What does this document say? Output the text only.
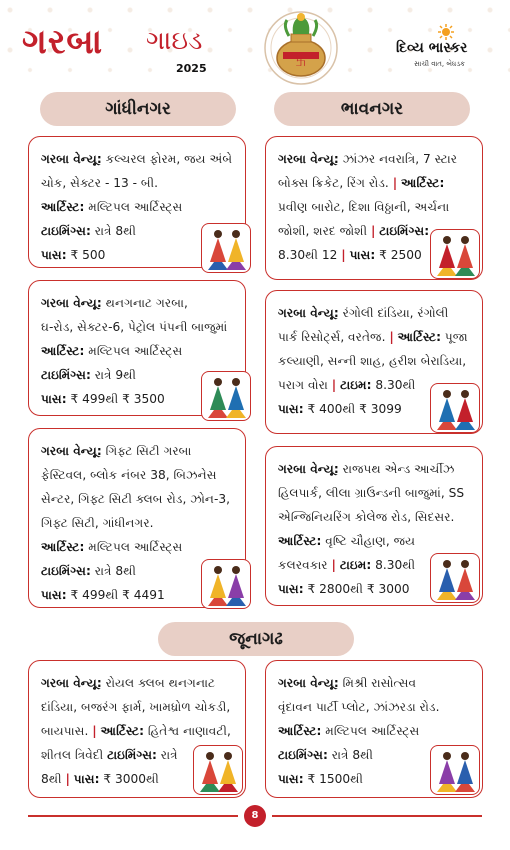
ગરબા ગાઇડ
2025
卐
દિવ્ય ભાસ્કર
સાચી વાત, બેધડક
ગાંધીનગર	ભાવનગર
જૂનાગઢ
ગરબા વેન્યૂ: કલ્ચરલ ફોરમ, જય અંબે
ચોક, સેક્ટર - 13 - બી.
આર્ટિસ્ટ: મલ્ટિપલ આર્ટિસ્ટ્સ
ટાઇમિંગ્સ: રાત્રે 8થી
પાસ: ₹ 500
ગરબા વેન્યૂ: થનગનાટ ગરબા,
ઘ-રોડ, સેક્ટર-6, પેટ્રોલ પંપની બાજુમાં
આર્ટિસ્ટ: મલ્ટિપલ આર્ટિસ્ટ્સ
ટાઇમિંગ્સ: રાત્રે 9થી
પાસ: ₹ 499થી ₹ 3500
ગરબા વેન્યૂ: ગિફ્ટ સિટી ગરબા
ફેસ્ટિવલ, બ્લોક નંબર 38, બિઝનેસ
સેન્ટર, ગિફ્ટ સિટી ક્લબ રોડ, ઝોન-3,
ગિફ્ટ સિટી, ગાંધીનગર.
આર્ટિસ્ટ: મલ્ટિપલ આર્ટિસ્ટ્સ
ટાઇમિંગ્સ: રાત્રે 8થી
પાસ: ₹ 499થી ₹ 4491
ગરબા વેન્યૂ: ઝાંઝર નવરાત્રિ, 7 સ્ટાર
બોક્સ ક્રિકેટ, રિંગ રોડ. | આર્ટિસ્ટ:
પ્રવીણ બારોટ, દિશા વિઠ્ઠાની, અર્ચના
જોશી, શરદ જોશી | ટાઇમિંગ્સ:
8.30થી 12 | પાસ: ₹ 2500
ગરબા વેન્યૂ: રંગોલી દાંડિયા, રંગોલી
પાર્ક રિસોર્ટ્સ, વરતેજ. | આર્ટિસ્ટ: પૂજા
કલ્યાણી, સન્ની શાહ, હરીશ બેરાડિયા,
પરાગ વોરા | ટાઇમ: 8.30થી
પાસ: ₹ 400થી ₹ 3099
ગરબા વેન્યૂ: રાજપથ એન્ડ આર્ચીઝ
હિલપાર્ક, લીલા ગ્રાઉન્ડની બાજુમાં, SS
એન્જિનિયરિંગ કોલેજ રોડ, સિદસર.
આર્ટિસ્ટ: વૃષ્ટિ ચૌહાણ, જય
કલરવકાર | ટાઇમ: 8.30થી
પાસ: ₹ 2800થી ₹ 3000
ગરબા વેન્યૂ: રોયલ ક્લબ થનગનાટ
દાંડિયા, બજરંગ ફાર્મ, ખામધ્રોળ ચોકડી,
બાયપાસ. | આર્ટિસ્ટ: હિતેશ્વ નાણાવટી,
શીતલ ત્રિવેદી ટાઇમિંગ્સ: રાત્રે
8થી | પાસ: ₹ 3000થી
ગરબા વેન્યૂ: મિશ્રી રાસોત્સવ
વૃંદાવન પાર્ટી પ્લોટ, ઝાંઝરડા રોડ.
આર્ટિસ્ટ: મલ્ટિપલ આર્ટિસ્ટ્સ
ટાઇમિંગ્સ: રાત્રે 8થી
પાસ: ₹ 1500થી
8
